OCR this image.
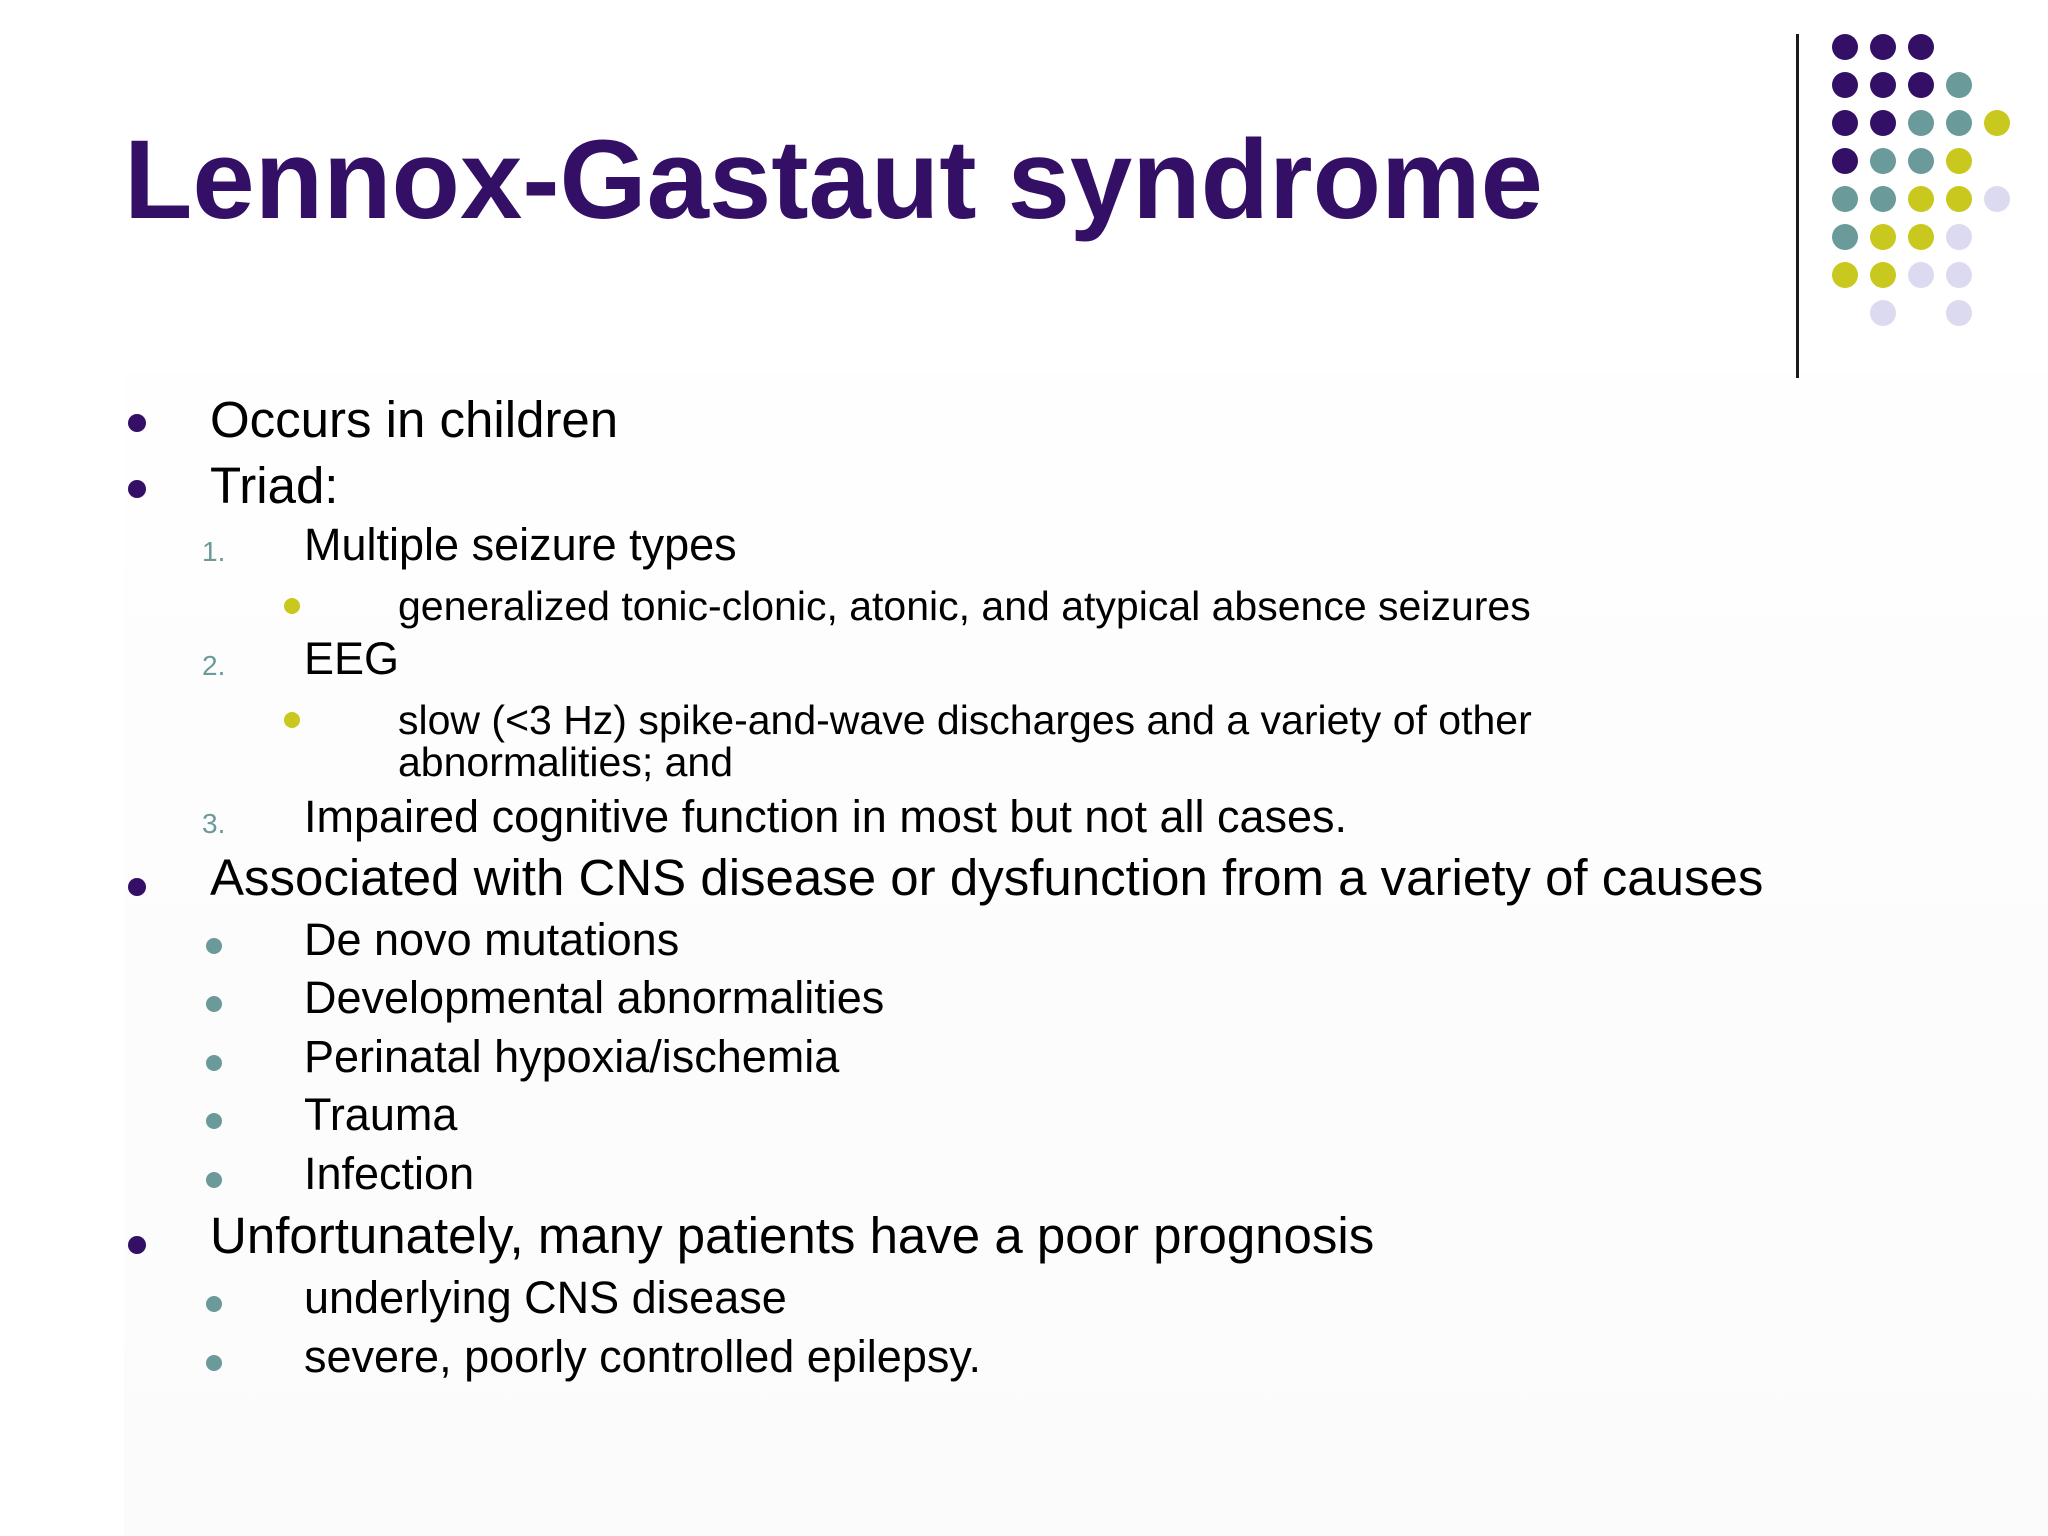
Lennox-Gastaut syndrome
Occurs in children
Triad:
1. Multiple seizure types
generalized tonic-clonic, atonic, and atypical absence seizures
2. EEG
slow (<3 Hz) spike-and-wave discharges and a variety of other
abnormalities; and
3. Impaired cognitive function in most but not all cases.
Associated with CNS disease or dysfunction from a variety of causes
De novo mutations
Developmental abnormalities
Perinatal hypoxia/ischemia
Trauma
Infection
Unfortunately, many patients have a poor prognosis
underlying CNS disease
severe, poorly controlled epilepsy.
